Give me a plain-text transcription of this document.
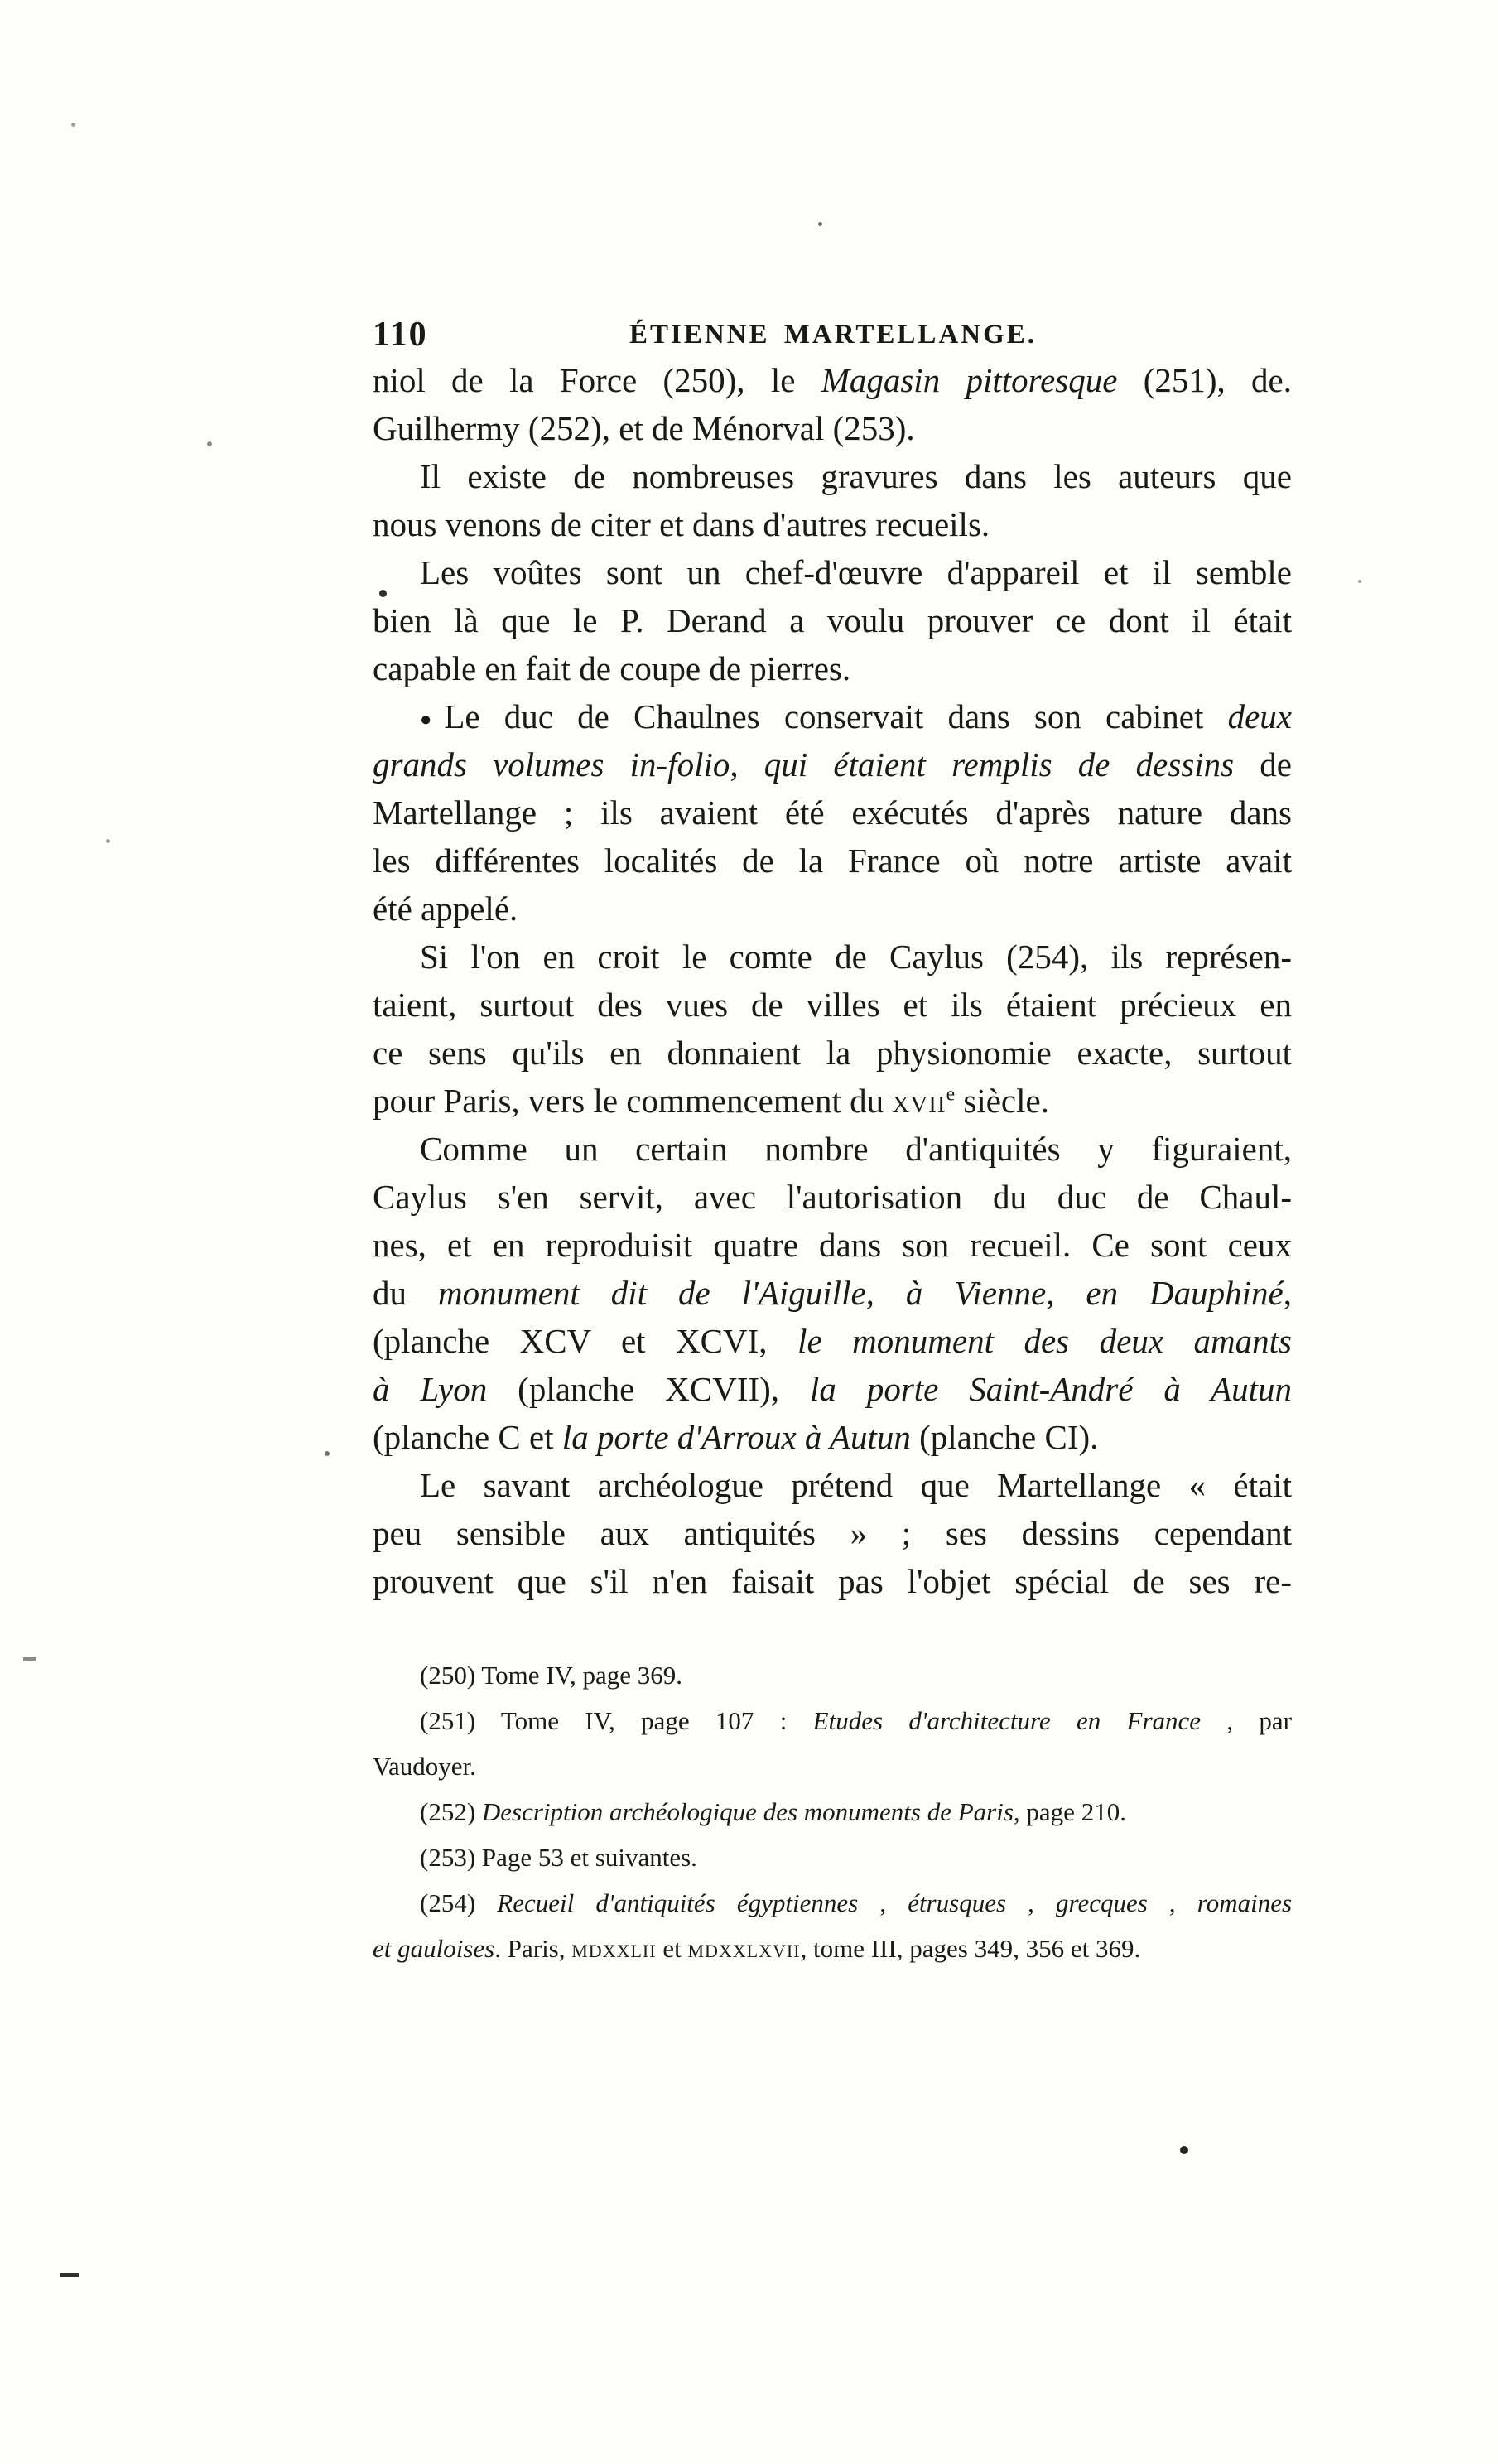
110	ÉTIENNE MARTELLANGE.
niol de la Force (250), le Magasin pittoresque (251), de.
Guilhermy (252), et de Ménorval (253).
Il existe de nombreuses gravures dans les auteurs que
nous venons de citer et dans d'autres recueils.
Les voûtes sont un chef-d'œuvre d'appareil et il semble
bien là que le P. Derand a voulu prouver ce dont il était
capable en fait de coupe de pierres.
●Le duc de Chaulnes conservait dans son cabinet deux
grands volumes in-folio, qui étaient remplis de dessins de
Martellange ; ils avaient été exécutés d'après nature dans
les différentes localités de la France où notre artiste avait
été appelé.
Si l'on en croit le comte de Caylus (254), ils représen-
taient, surtout des vues de villes et ils étaient précieux en
ce sens qu'ils en donnaient la physionomie exacte, surtout
pour Paris, vers le commencement du xvii$^e$ siècle.
Comme un certain nombre d'antiquités y figuraient,
Caylus s'en servit, avec l'autorisation du duc de Chaul-
nes, et en reproduisit quatre dans son recueil. Ce sont ceux
du monument dit de l'Aiguille, à Vienne, en Dauphiné,
(planche XCV et XCVI, le monument des deux amants
à Lyon (planche XCVII), la porte Saint-André à Autun
(planche C et la porte d'Arroux à Autun (planche CI).
Le savant archéologue prétend que Martellange « était
peu sensible aux antiquités » ; ses dessins cependant
prouvent que s'il n'en faisait pas l'objet spécial de ses re-
(250) Tome IV, page 369.
(251) Tome IV, page 107 : Etudes d'architecture en France , par
Vaudoyer.
(252) Description archéologique des monuments de Paris, page 210.
(253) Page 53 et suivantes.
(254) Recueil d'antiquités égyptiennes , étrusques , grecques , romaines
et gauloises. Paris, mdxxlii et mdxxlxvii, tome III, pages 349, 356 et 369.
